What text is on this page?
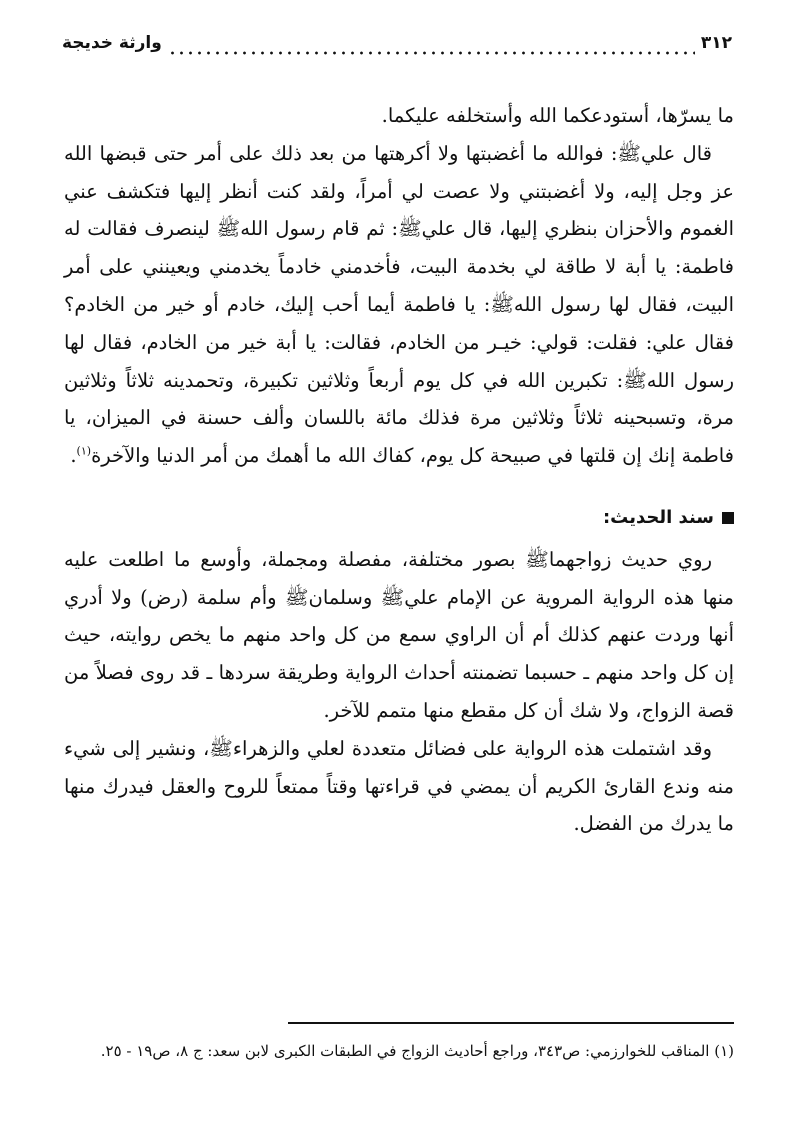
٣١٢
وارثة خديجة

ما يسرّها، أستودعكما الله وأستخلفه عليكما.

قال عليﷺ: فوالله ما أغضبتها ولا أكرهتها من بعد ذلك على أمر حتى قبضها الله عز وجل إليه، ولا أغضبتني ولا عصت لي أمراً، ولقد كنت أنظر إليها فتكشف عني الغموم والأحزان بنظري إليها، قال عليﷺ: ثم قام رسول اللهﷺ لينصرف فقالت له فاطمة: يا أبة لا طاقة لي بخدمة البيت، فأخدمني خادماً يخدمني ويعينني على أمر البيت، فقال لها رسول اللهﷺ: يا فاطمة أيما أحب إليك، خادم أو خير من الخادم؟ فقال علي: فقلت: قولي: خيـر من الخادم، فقالت: يا أبة خير من الخادم، فقال لها رسول اللهﷺ: تكبرين الله في كل يوم أربعاً وثلاثين تكبيرة، وتحمدينه ثلاثاً وثلاثين مرة، وتسبحينه ثلاثاً وثلاثين مرة فذلك مائة باللسان وألف حسنة في الميزان، يا فاطمة إنك إن قلتها في صبيحة كل يوم، كفاك الله ما أهمك من أمر الدنيا والآخرة$^{(١)}$.

سند الحديث:

روي حديث زواجهماﷺ بصور مختلفة، مفصلة ومجملة، وأوسع ما اطلعت عليه منها هذه الرواية المروية عن الإمام عليﷺ وسلمانﷺ وأم سلمة (رض) ولا أدري أنها وردت عنهم كذلك أم أن الراوي سمع من كل واحد منهم ما يخص روايته، حيث إن كل واحد منهم ـ حسبما تضمنته أحداث الرواية وطريقة سردها ـ قد روى فصلاً من قصة الزواج، ولا شك أن كل مقطع منها متمم للآخر.

وقد اشتملت هذه الرواية على فضائل متعددة لعلي والزهراءﷺ، ونشير إلى شيء منه وندع القارئ الكريم أن يمضي في قراءتها وقتاً ممتعاً للروح والعقل فيدرك منها ما يدرك من الفضل.

(١) المناقب للخوارزمي: ص٣٤٣، وراجع أحاديث الزواج في الطبقات الكبرى لابن سعد: ج ٨، ص١٩ - ٢٥.
